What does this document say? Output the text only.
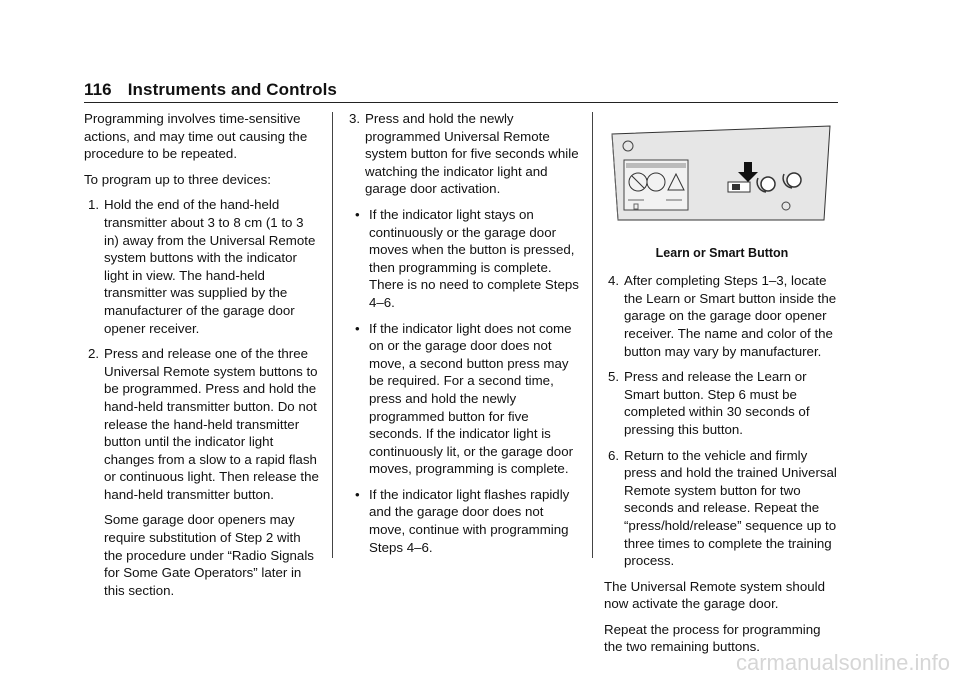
116 Instruments and Controls

Programming involves time-sensitive actions, and may time out causing the procedure to be repeated.

To program up to three devices:

1. Hold the end of the hand-held transmitter about 3 to 8 cm (1 to 3 in) away from the Universal Remote system buttons with the indicator light in view. The hand-held transmitter was supplied by the manufacturer of the garage door opener receiver.
2. Press and release one of the three Universal Remote system buttons to be programmed. Press and hold the hand-held transmitter button. Do not release the hand-held transmitter button until the indicator light changes from a slow to a rapid flash or continuous light. Then release the hand-held transmitter button.

Some garage door openers may require substitution of Step 2 with the procedure under “Radio Signals for Some Gate Operators” later in this section.

3. Press and hold the newly programmed Universal Remote system button for five seconds while watching the indicator light and garage door activation.
• If the indicator light stays on continuously or the garage door moves when the button is pressed, then programming is complete. There is no need to complete Steps 4–6.
• If the indicator light does not come on or the garage door does not move, a second button press may be required. For a second time, press and hold the newly programmed button for five seconds. If the indicator light is continuously lit, or the garage door moves, programming is complete.
• If the indicator light flashes rapidly and the garage door does not move, continue with programming Steps 4–6.
Learn or Smart Button
4. After completing Steps 1–3, locate the Learn or Smart button inside the garage on the garage door opener receiver. The name and color of the button may vary by manufacturer.
5. Press and release the Learn or Smart button. Step 6 must be completed within 30 seconds of pressing this button.
6. Return to the vehicle and firmly press and hold the trained Universal Remote system button for two seconds and release. Repeat the “press/hold/release” sequence up to three times to complete the training process.

The Universal Remote system should now activate the garage door.

Repeat the process for programming the two remaining buttons.

carmanualsonline.info
